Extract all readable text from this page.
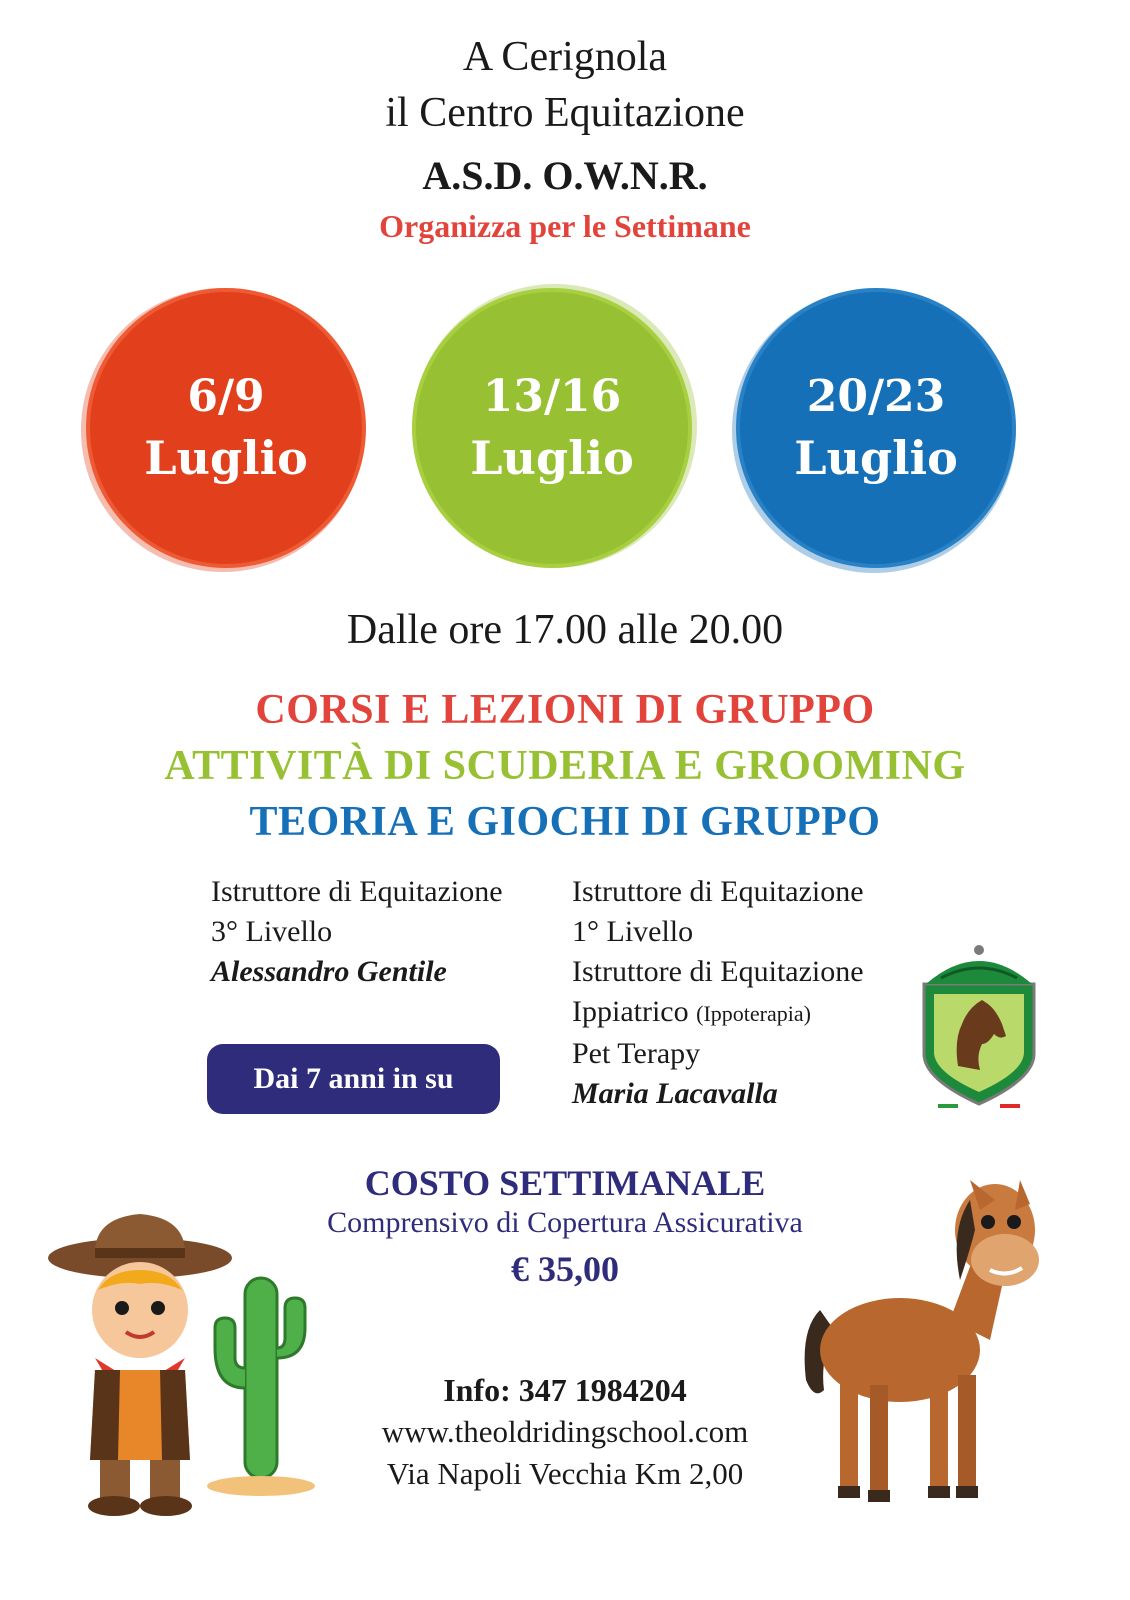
A Cerignola
il Centro Equitazione
A.S.D. O.W.N.R.
Organizza per le Settimane
6/9
Luglio
13/16
Luglio
20/23
Luglio
Dalle ore 17.00 alle 20.00
CORSI E LEZIONI DI GRUPPO
ATTIVITÀ DI SCUDERIA E GROOMING
TEORIA E GIOCHI DI GRUPPO
Istruttore di Equitazione
3° Livello
Alessandro Gentile
Istruttore di Equitazione
1° Livello
Istruttore di Equitazione
Ippiatrico (Ippoterapia)
Pet Terapy
Maria Lacavalla
Dai 7 anni in su
COSTO SETTIMANALE
Comprensivo di Copertura Assicurativa
€ 35,00
Info: 347 1984204
www.theoldridingschool.com
Via Napoli Vecchia Km 2,00
